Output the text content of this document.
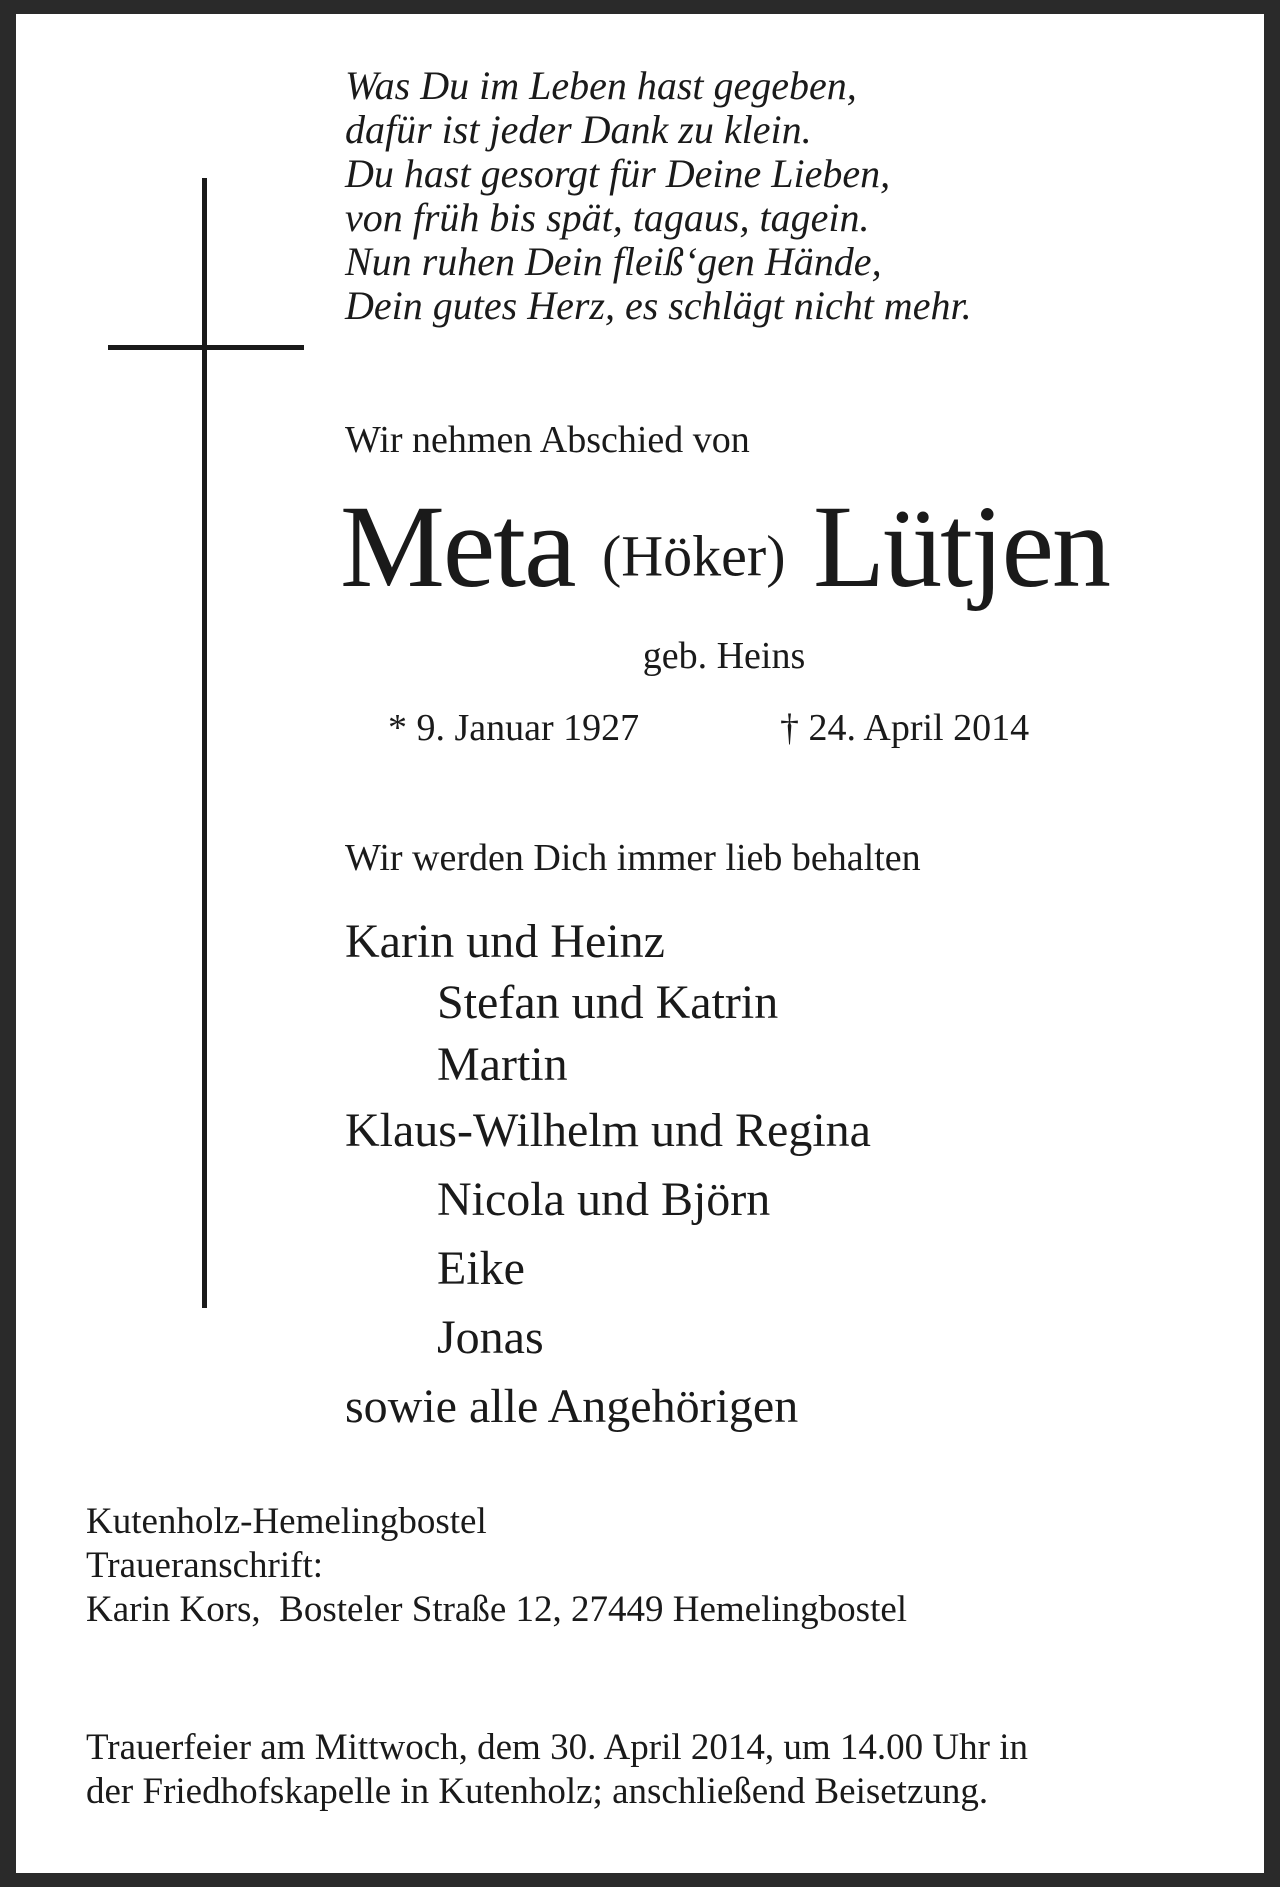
Was Du im Leben hast gegeben,
dafür ist jeder Dank zu klein.
Du hast gesorgt für Deine Lieben,
von früh bis spät, tagaus, tagein.
Nun ruhen Dein fleiß‘gen Hände,
Dein gutes Herz, es schlägt nicht mehr.
Wir nehmen Abschied von
Meta (Höker) Lütjen
geb. Heins
* 9. Januar 1927	† 24. April 2014
Wir werden Dich immer lieb behalten
Karin und Heinz
Stefan und Katrin
Martin
Klaus-Wilhelm und Regina
Nicola und Björn
Eike
Jonas
sowie alle Angehörigen
Kutenholz-Hemelingbostel
Traueranschrift:
Karin Kors,  Bosteler Straße 12, 27449 Hemelingbostel
Trauerfeier am Mittwoch, dem 30. April 2014, um 14.00 Uhr in
der Friedhofskapelle in Kutenholz; anschließend Beisetzung.
